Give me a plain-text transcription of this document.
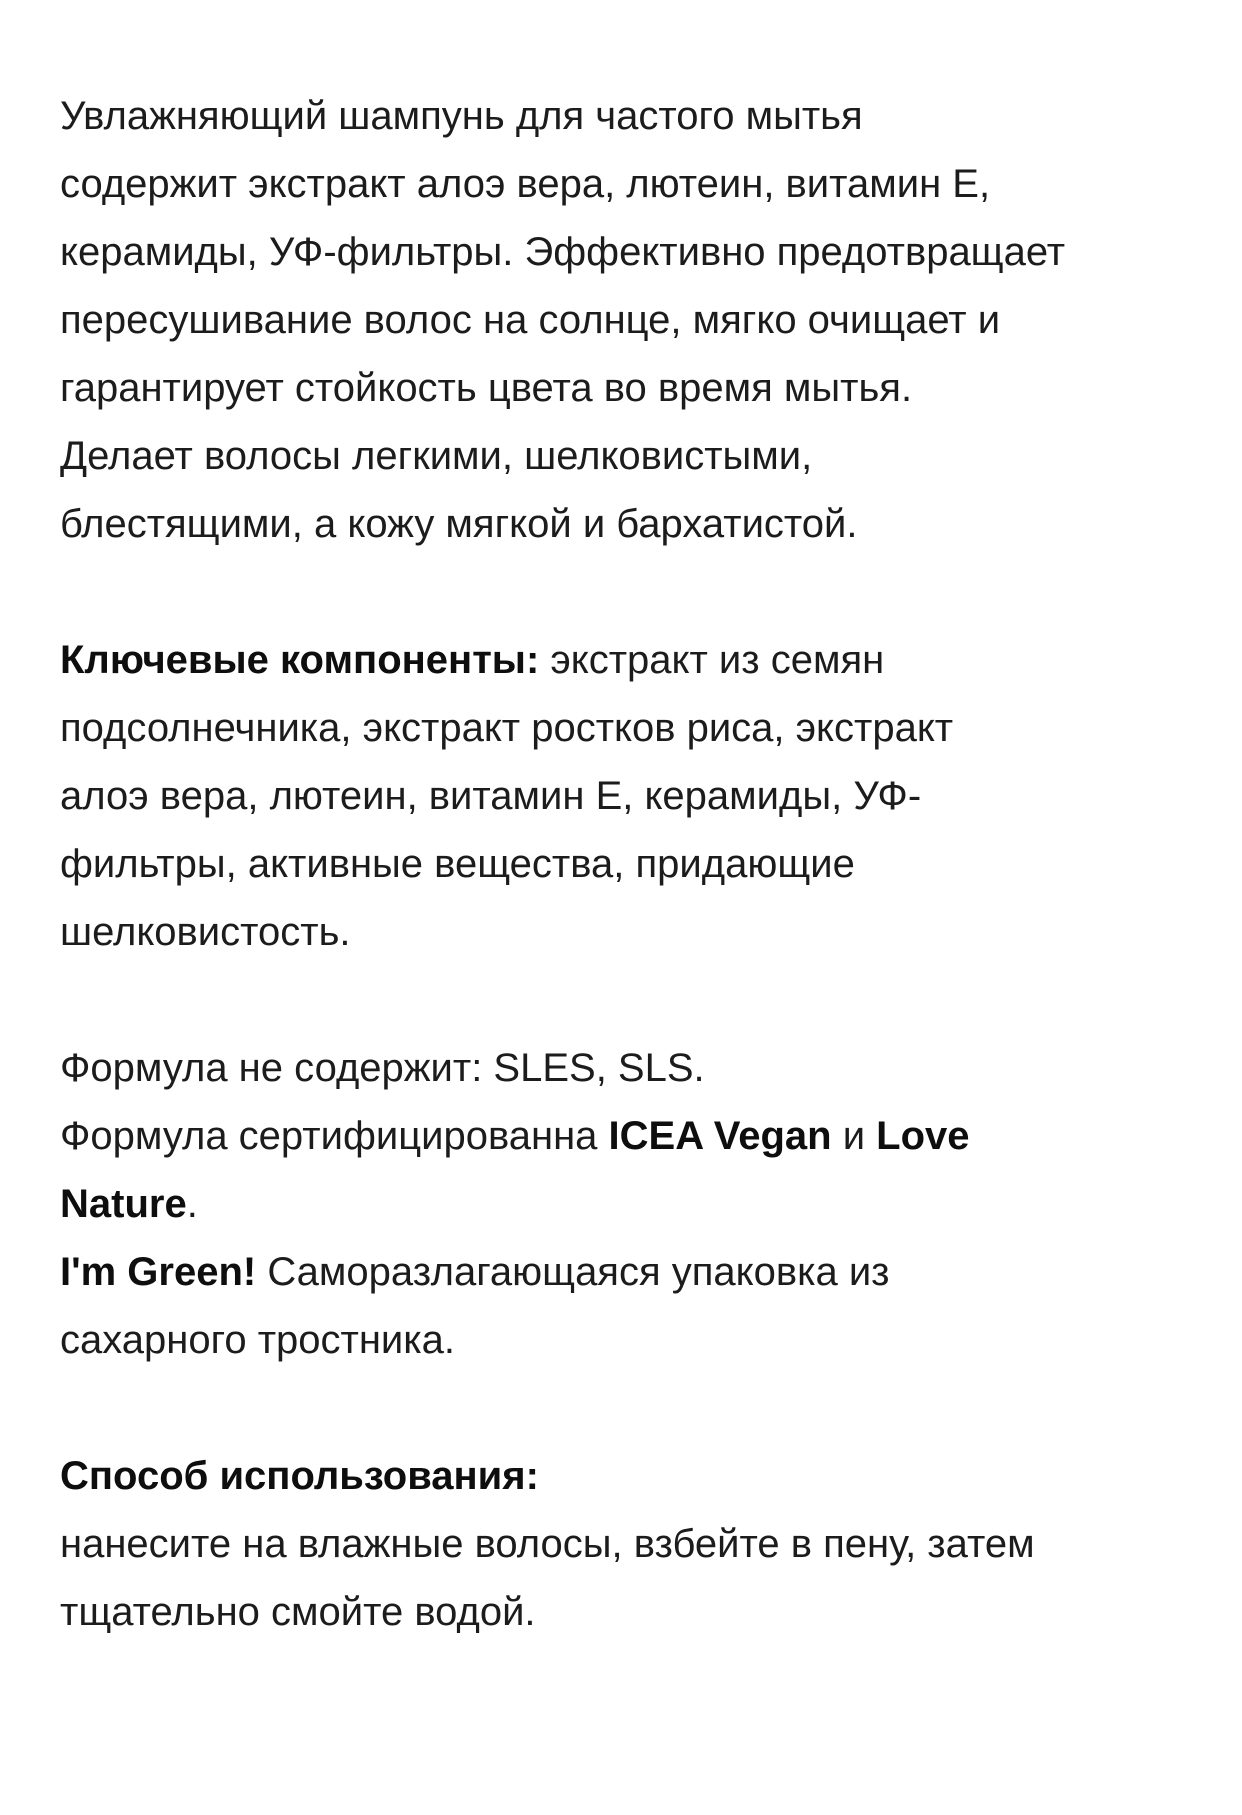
Увлажняющий шампунь для частого мытья
содержит экстракт алоэ вера, лютеин, витамин Е,
керамиды, УФ-фильтры. Эффективно предотвращает
пересушивание волос на солнце, мягко очищает и
гарантирует стойкость цвета во время мытья.
Делает волосы легкими, шелковистыми,
блестящими, а кожу мягкой и бархатистой.

Ключевые компоненты: экстракт из семян
подсолнечника, экстракт ростков риса, экстракт
алоэ вера, лютеин, витамин Е, керамиды, УФ-
фильтры, активные вещества, придающие
шелковистость.

Формула не содержит: SLES, SLS.
Формула сертифицированна ICEA Vegan и Love
Nature.
I'm Green! Саморазлагающаяся упаковка из
сахарного тростника.

Способ использования:
нанесите на влажные волосы, взбейте в пену, затем
тщательно смойте водой.
